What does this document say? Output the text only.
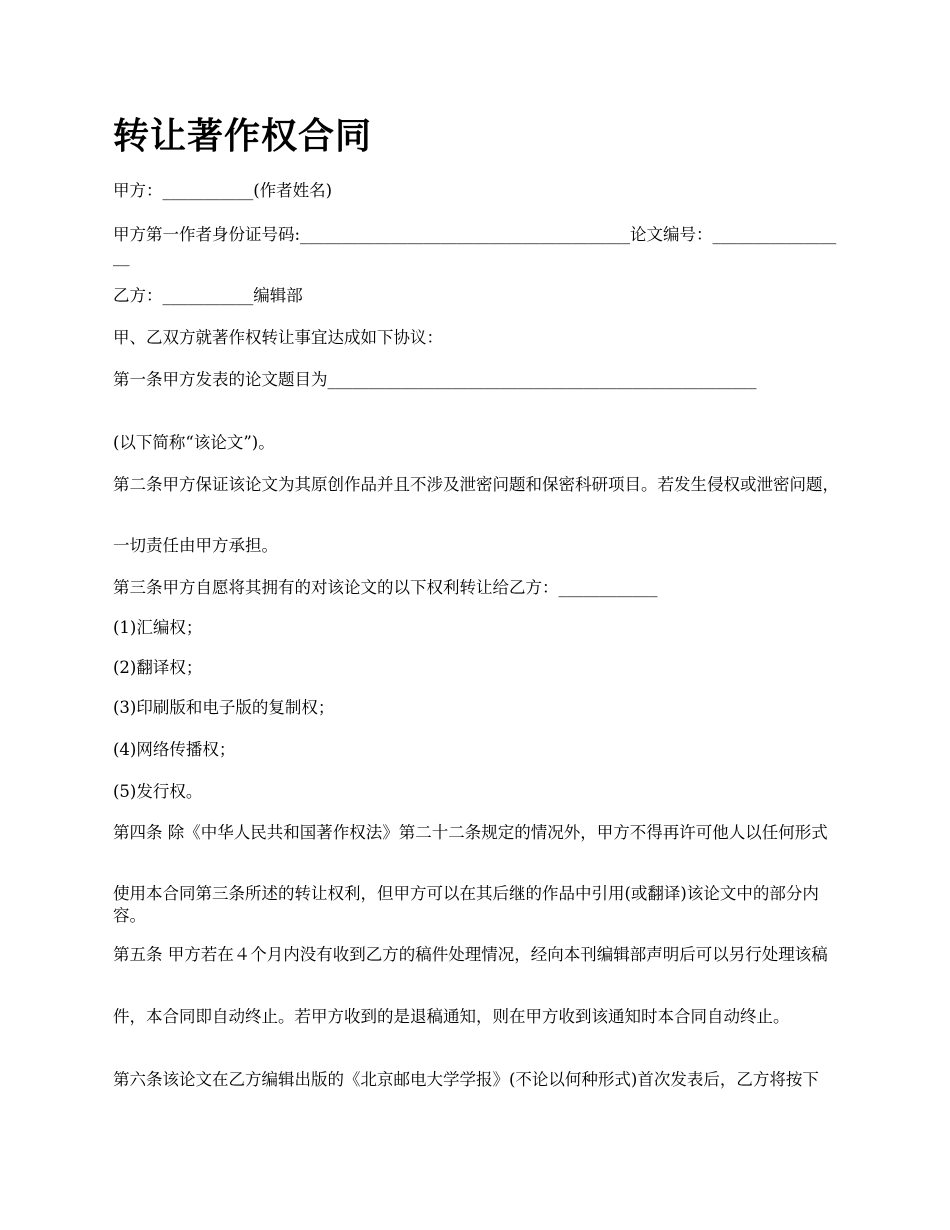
转让著作权合同

甲方：___________(作者姓名)

甲方第一作者身份证号码:________________________________________论文编号：_________________

乙方：___________编辑部

甲、乙双方就著作权转让事宜达成如下协议：

第一条甲方发表的论文题目为____________________________________________________

(以下简称“该论文”)。

第二条甲方保证该论文为其原创作品并且不涉及泄密问题和保密科研项目。若发生侵权或泄密问题，

一切责任由甲方承担。

第三条甲方自愿将其拥有的对该论文的以下权利转让给乙方：____________

(1)汇编权；

(2)翻译权；

(3)印刷版和电子版的复制权；

(4)网络传播权；

(5)发行权。

第四条 除《中华人民共和国著作权法》第二十二条规定的情况外，甲方不得再许可他人以任何形式

使用本合同第三条所述的转让权利，但甲方可以在其后继的作品中引用(或翻译)该论文中的部分内容。

第五条 甲方若在４个月内没有收到乙方的稿件处理情况，经向本刊编辑部声明后可以另行处理该稿

件，本合同即自动终止。若甲方收到的是退稿通知，则在甲方收到该通知时本合同自动终止。

第六条该论文在乙方编辑出版的《北京邮电大学学报》(不论以何种形式)首次发表后，乙方将按下
